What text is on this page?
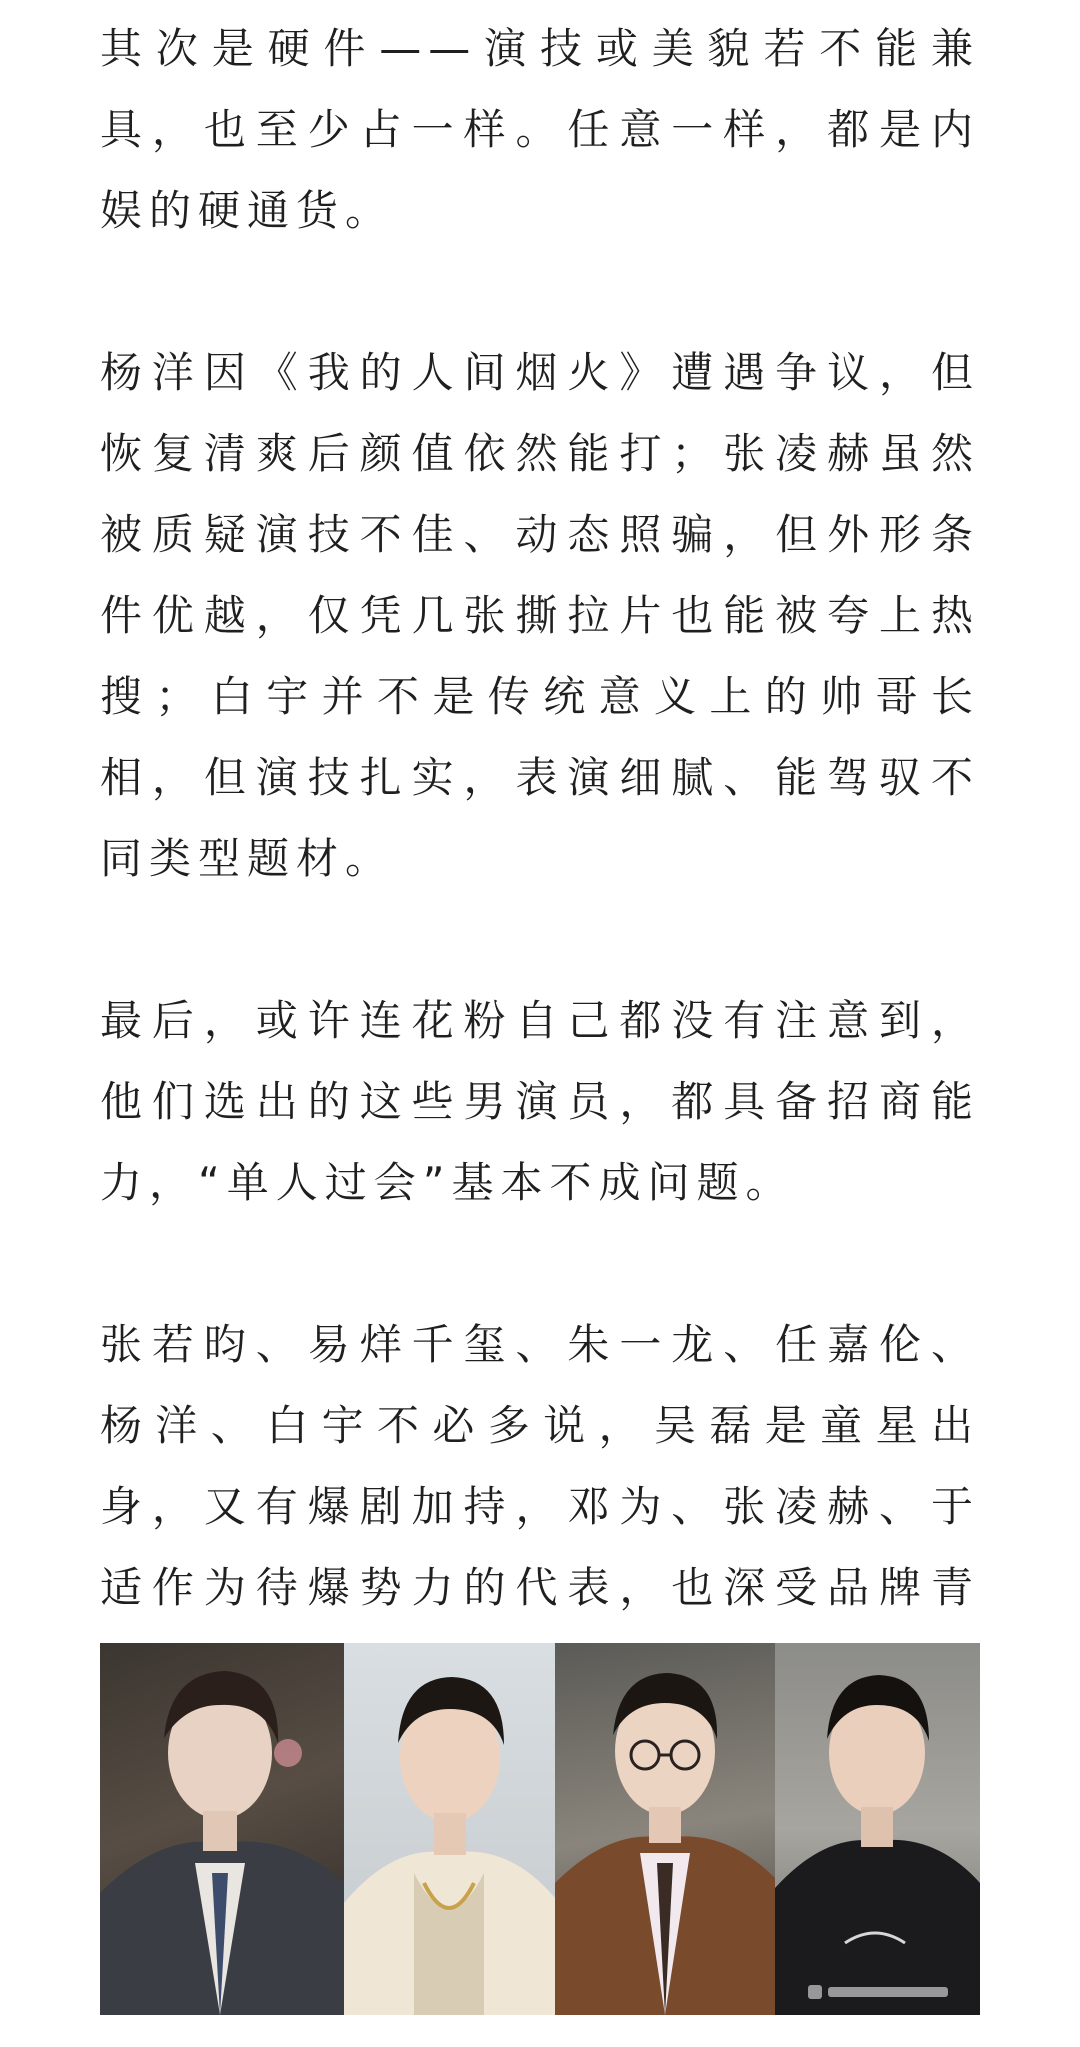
其次是硬件——演技或美貌若不能兼具，也至少占一样。任意一样，都是内娱的硬通货。

杨洋因《我的人间烟火》遭遇争议，但恢复清爽后颜值依然能打；张凌赫虽然被质疑演技不佳、动态照骗，但外形条件优越，仅凭几张撕拉片也能被夸上热搜；白宇并不是传统意义上的帅哥长相，但演技扎实，表演细腻、能驾驭不同类型题材。

最后，或许连花粉自己都没有注意到，他们选出的这些男演员，都具备招商能力，“单人过会”基本不成问题。

张若昀、易烊千玺、朱一龙、任嘉伦、杨洋、白宇不必多说，吴磊是童星出身，又有爆剧加持，邓为、张凌赫、于适作为待爆势力的代表，也深受品牌青
